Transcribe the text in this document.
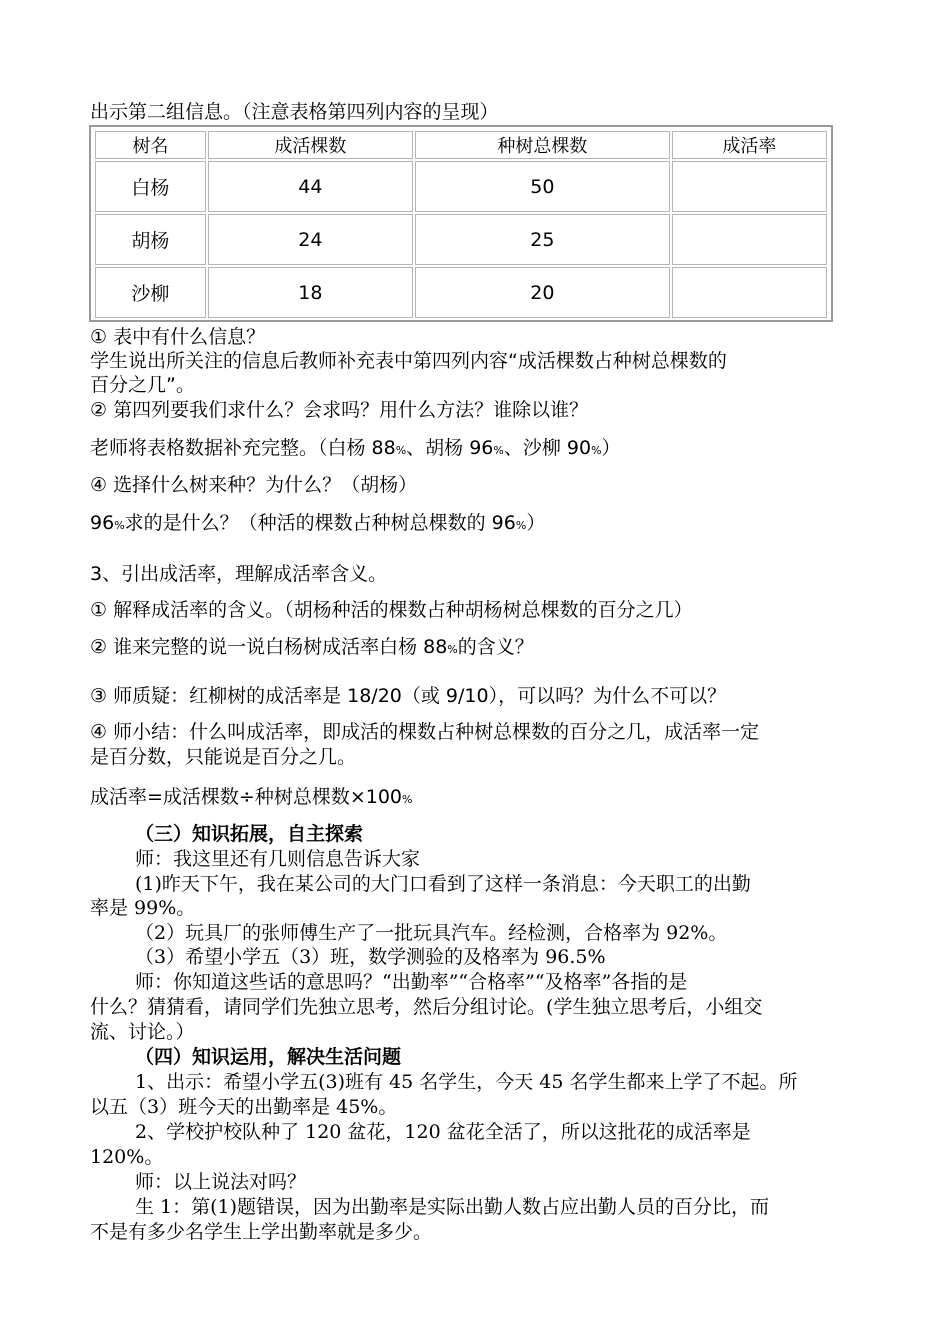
出示第二组信息。（注意表格第四列内容的呈现）
树名	成活棵数	种树总棵数	成活率
白杨	44	50	
胡杨	24	25	
沙柳	18	20	
① 表中有什么信息？
学生说出所关注的信息后教师补充表中第四列内容“成活棵数占种树总棵数的
百分之几”。
② 第四列要我们求什么？会求吗？用什么方法？谁除以谁？
老师将表格数据补充完整。（白杨 88%、胡杨 96%、沙柳 90%）
④ 选择什么树来种？为什么？（胡杨）
96%求的是什么？（种活的棵数占种树总棵数的 96%）
3、引出成活率，理解成活率含义。
① 解释成活率的含义。（胡杨种活的棵数占种胡杨树总棵数的百分之几）
② 谁来完整的说一说白杨树成活率白杨 88%的含义？
③ 师质疑：红柳树的成活率是 18/20（或 9/10），可以吗？为什么不可以？
④ 师小结：什么叫成活率，即成活的棵数占种树总棵数的百分之几，成活率一定
是百分数，只能说是百分之几。
成活率=成活棵数÷种树总棵数×100%
（三）知识拓展，自主探索
师：我这里还有几则信息告诉大家
(1)昨天下午，我在某公司的大门口看到了这样一条消息：今天职工的出勤
率是 99%。
（2）玩具厂的张师傅生产了一批玩具汽车。经检测，合格率为 92%。
（3）希望小学五（3）班，数学测验的及格率为 96.5%
师：你知道这些话的意思吗？“出勤率”“合格率”“及格率”各指的是
什么？猜猜看，请同学们先独立思考，然后分组讨论。(学生独立思考后，小组交
流、讨论。）
（四）知识运用，解决生活问题
1、出示：希望小学五(3)班有 45 名学生，今天 45 名学生都来上学了不起。所
以五（3）班今天的出勤率是 45%。
2、学校护校队种了 120 盆花，120 盆花全活了，所以这批花的成活率是
120%。
师：以上说法对吗？
生 1：第(1)题错误，因为出勤率是实际出勤人数占应出勤人员的百分比，而
不是有多少名学生上学出勤率就是多少。
